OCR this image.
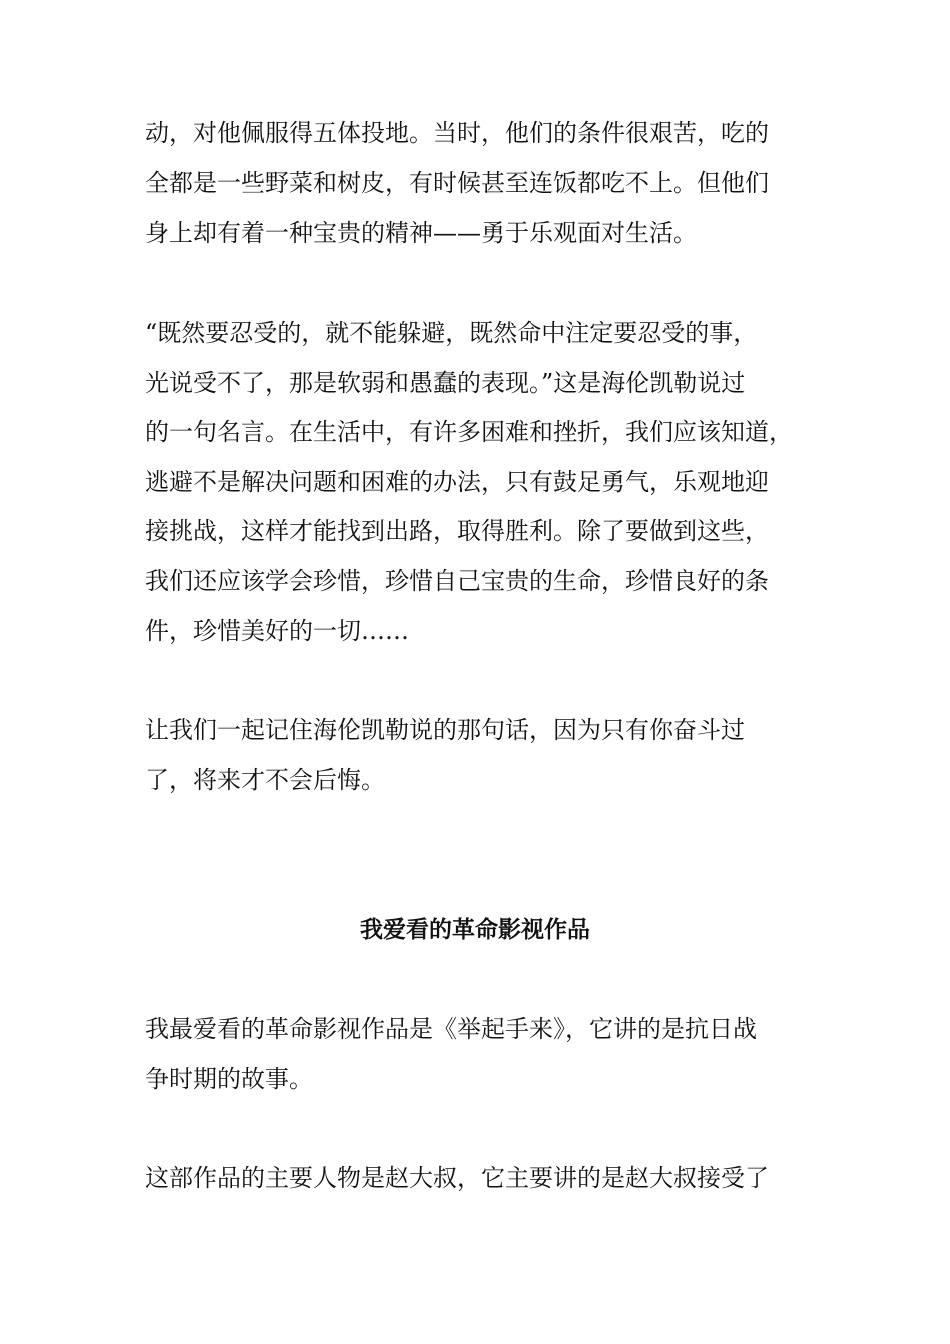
动，对他佩服得五体投地。当时，他们的条件很艰苦，吃的
全都是一些野菜和树皮，有时候甚至连饭都吃不上。但他们
身上却有着一种宝贵的精神——勇于乐观面对生活。
“既然要忍受的，就不能躲避，既然命中注定要忍受的事，
光说受不了，那是软弱和愚蠢的表现。”这是海伦凯勒说过
的一句名言。在生活中，有许多困难和挫折，我们应该知道，
逃避不是解决问题和困难的办法，只有鼓足勇气，乐观地迎
接挑战，这样才能找到出路，取得胜利。除了要做到这些，
我们还应该学会珍惜，珍惜自己宝贵的生命，珍惜良好的条
件，珍惜美好的一切……
让我们一起记住海伦凯勒说的那句话，因为只有你奋斗过
了，将来才不会后悔。
我爱看的革命影视作品
我最爱看的革命影视作品是《举起手来》，它讲的是抗日战
争时期的故事。
这部作品的主要人物是赵大叔，它主要讲的是赵大叔接受了
